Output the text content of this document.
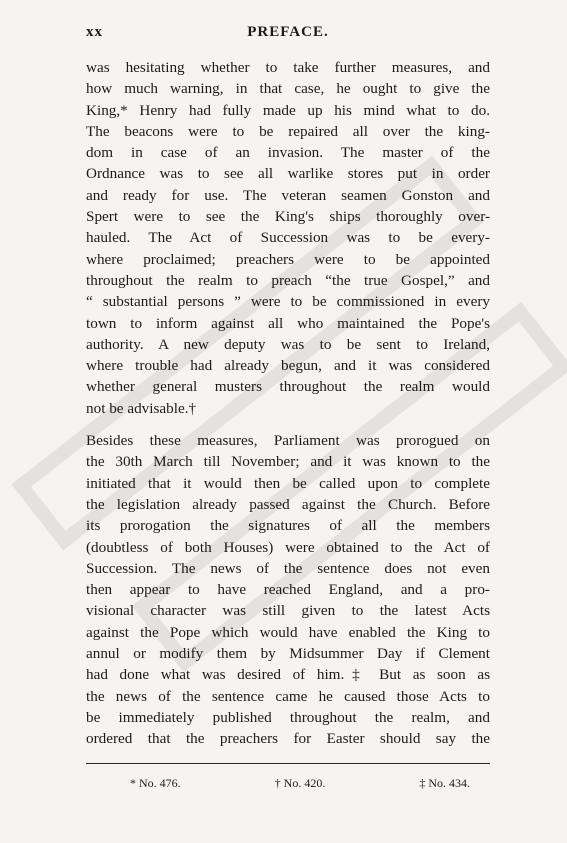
xx	PREFACE.

was hesitating whether to take further measures, and
how much warning, in that case, he ought to give the
King,* Henry had fully made up his mind what to do.
The beacons were to be repaired all over the king-
dom in case of an invasion. The master of the
Ordnance was to see all warlike stores put in order
and ready for use. The veteran seamen Gonston and
Spert were to see the King's ships thoroughly over-
hauled. The Act of Succession was to be every-
where proclaimed; preachers were to be appointed
throughout the realm to preach “the true Gospel,” and
“ substantial persons ” were to be commissioned in every
town to inform against all who maintained the Pope's
authority. A new deputy was to be sent to Ireland,
where trouble had already begun, and it was considered
whether general musters throughout the realm would
not be advisable.†

Besides these measures, Parliament was prorogued on
the 30th March till November; and it was known to the
initiated that it would then be called upon to complete
the legislation already passed against the Church. Before
its prorogation the signatures of all the members
(doubtless of both Houses) were obtained to the Act of
Succession. The news of the sentence does not even
then appear to have reached England, and a pro-
visional character was still given to the latest Acts
against the Pope which would have enabled the King to
annul or modify them by Midsummer Day if Clement
had done what was desired of him.‡ But as soon as
the news of the sentence came he caused those Acts to
be immediately published throughout the realm, and
ordered that the preachers for Easter should say the

* No. 476.	† No. 420.	‡ No. 434.
